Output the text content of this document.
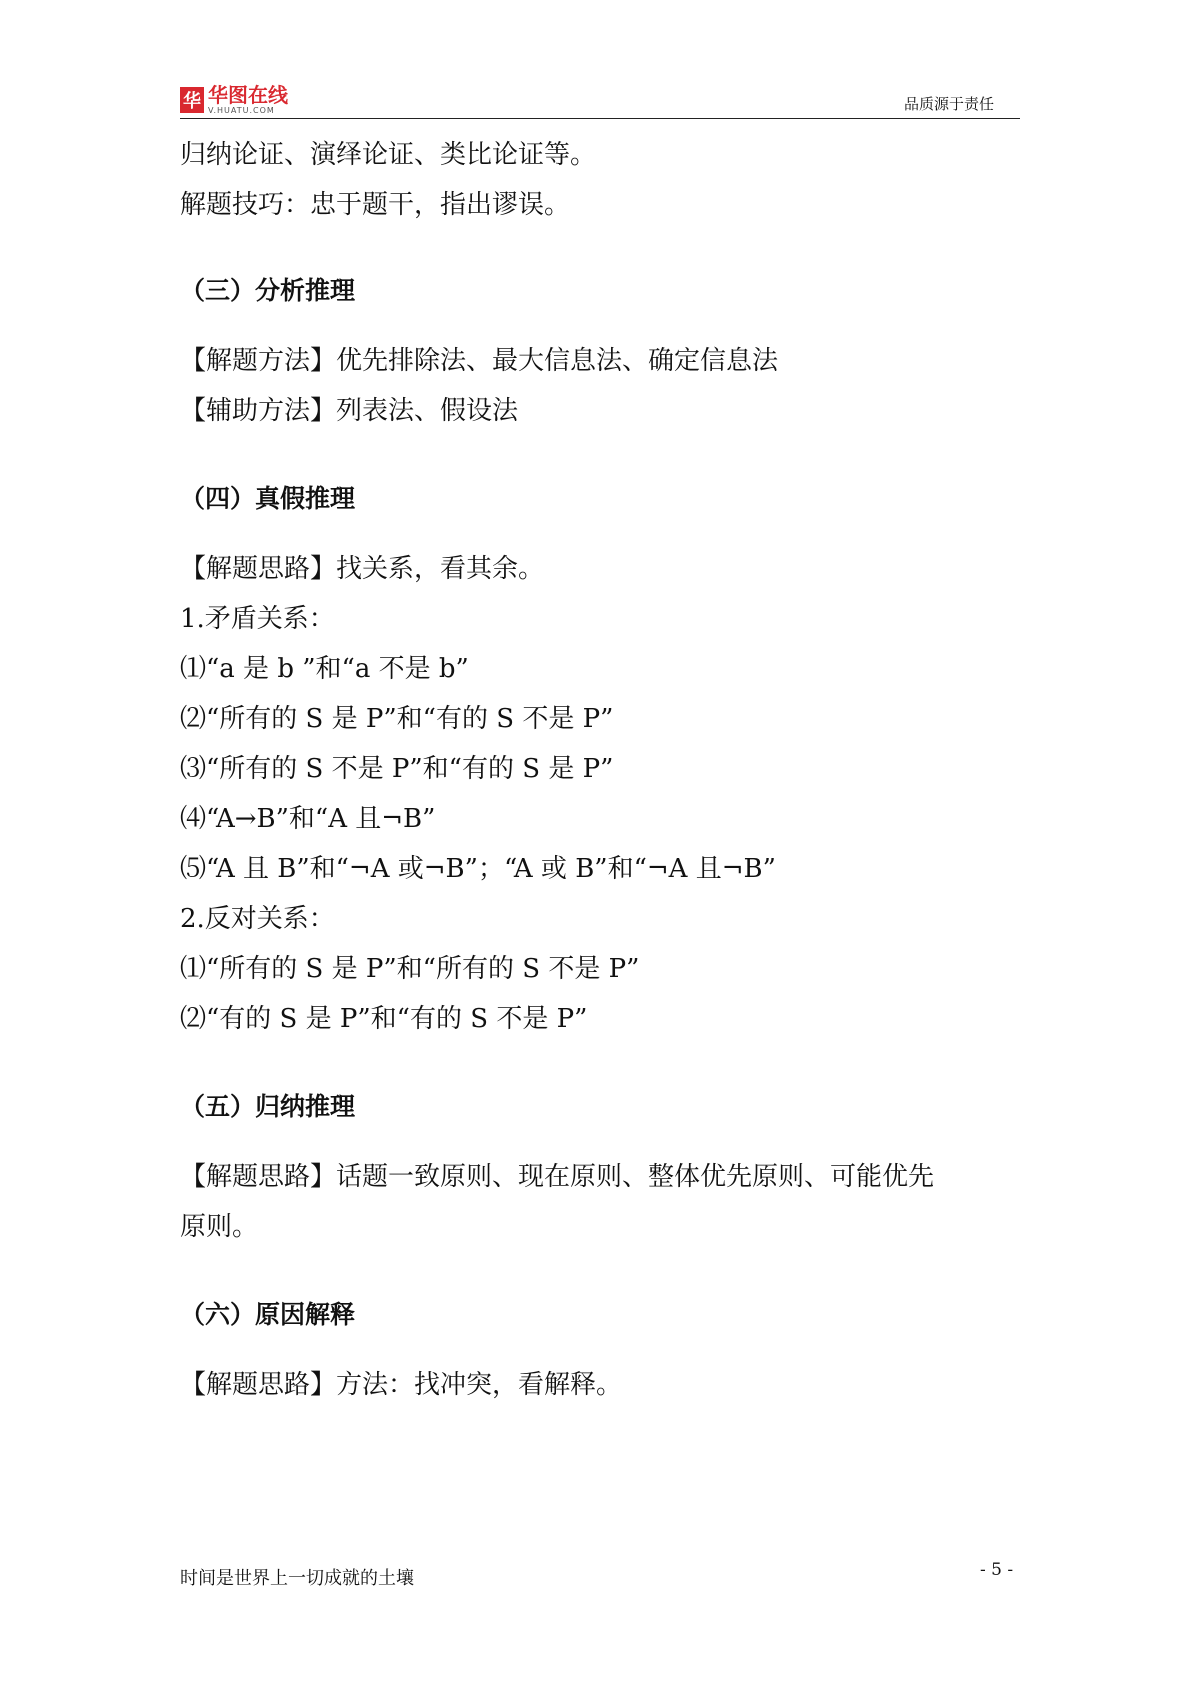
华 华图在线
V.HUATU.COM	品质源于责任
归纳论证、演绎论证、类比论证等。
解题技巧：忠于题干，指出谬误。
（三）分析推理
【解题方法】优先排除法、最大信息法、确定信息法
【辅助方法】列表法、假设法
（四）真假推理
【解题思路】找关系，看其余。
1.矛盾关系：
⑴“a 是 b ”和“a 不是 b”
⑵“所有的 S 是 P”和“有的 S 不是 P”
⑶“所有的 S 不是 P”和“有的 S 是 P”
⑷“A→B”和“A 且¬B”
⑸“A 且 B”和“¬A 或¬B”；“A 或 B”和“¬A 且¬B”
2.反对关系：
⑴“所有的 S 是 P”和“所有的 S 不是 P”
⑵“有的 S 是 P”和“有的 S 不是 P”
（五）归纳推理
【解题思路】话题一致原则、现在原则、整体优先原则、可能优先
原则。
（六）原因解释
【解题思路】方法：找冲突，看解释。
时间是世界上一切成就的土壤	- 5 -
